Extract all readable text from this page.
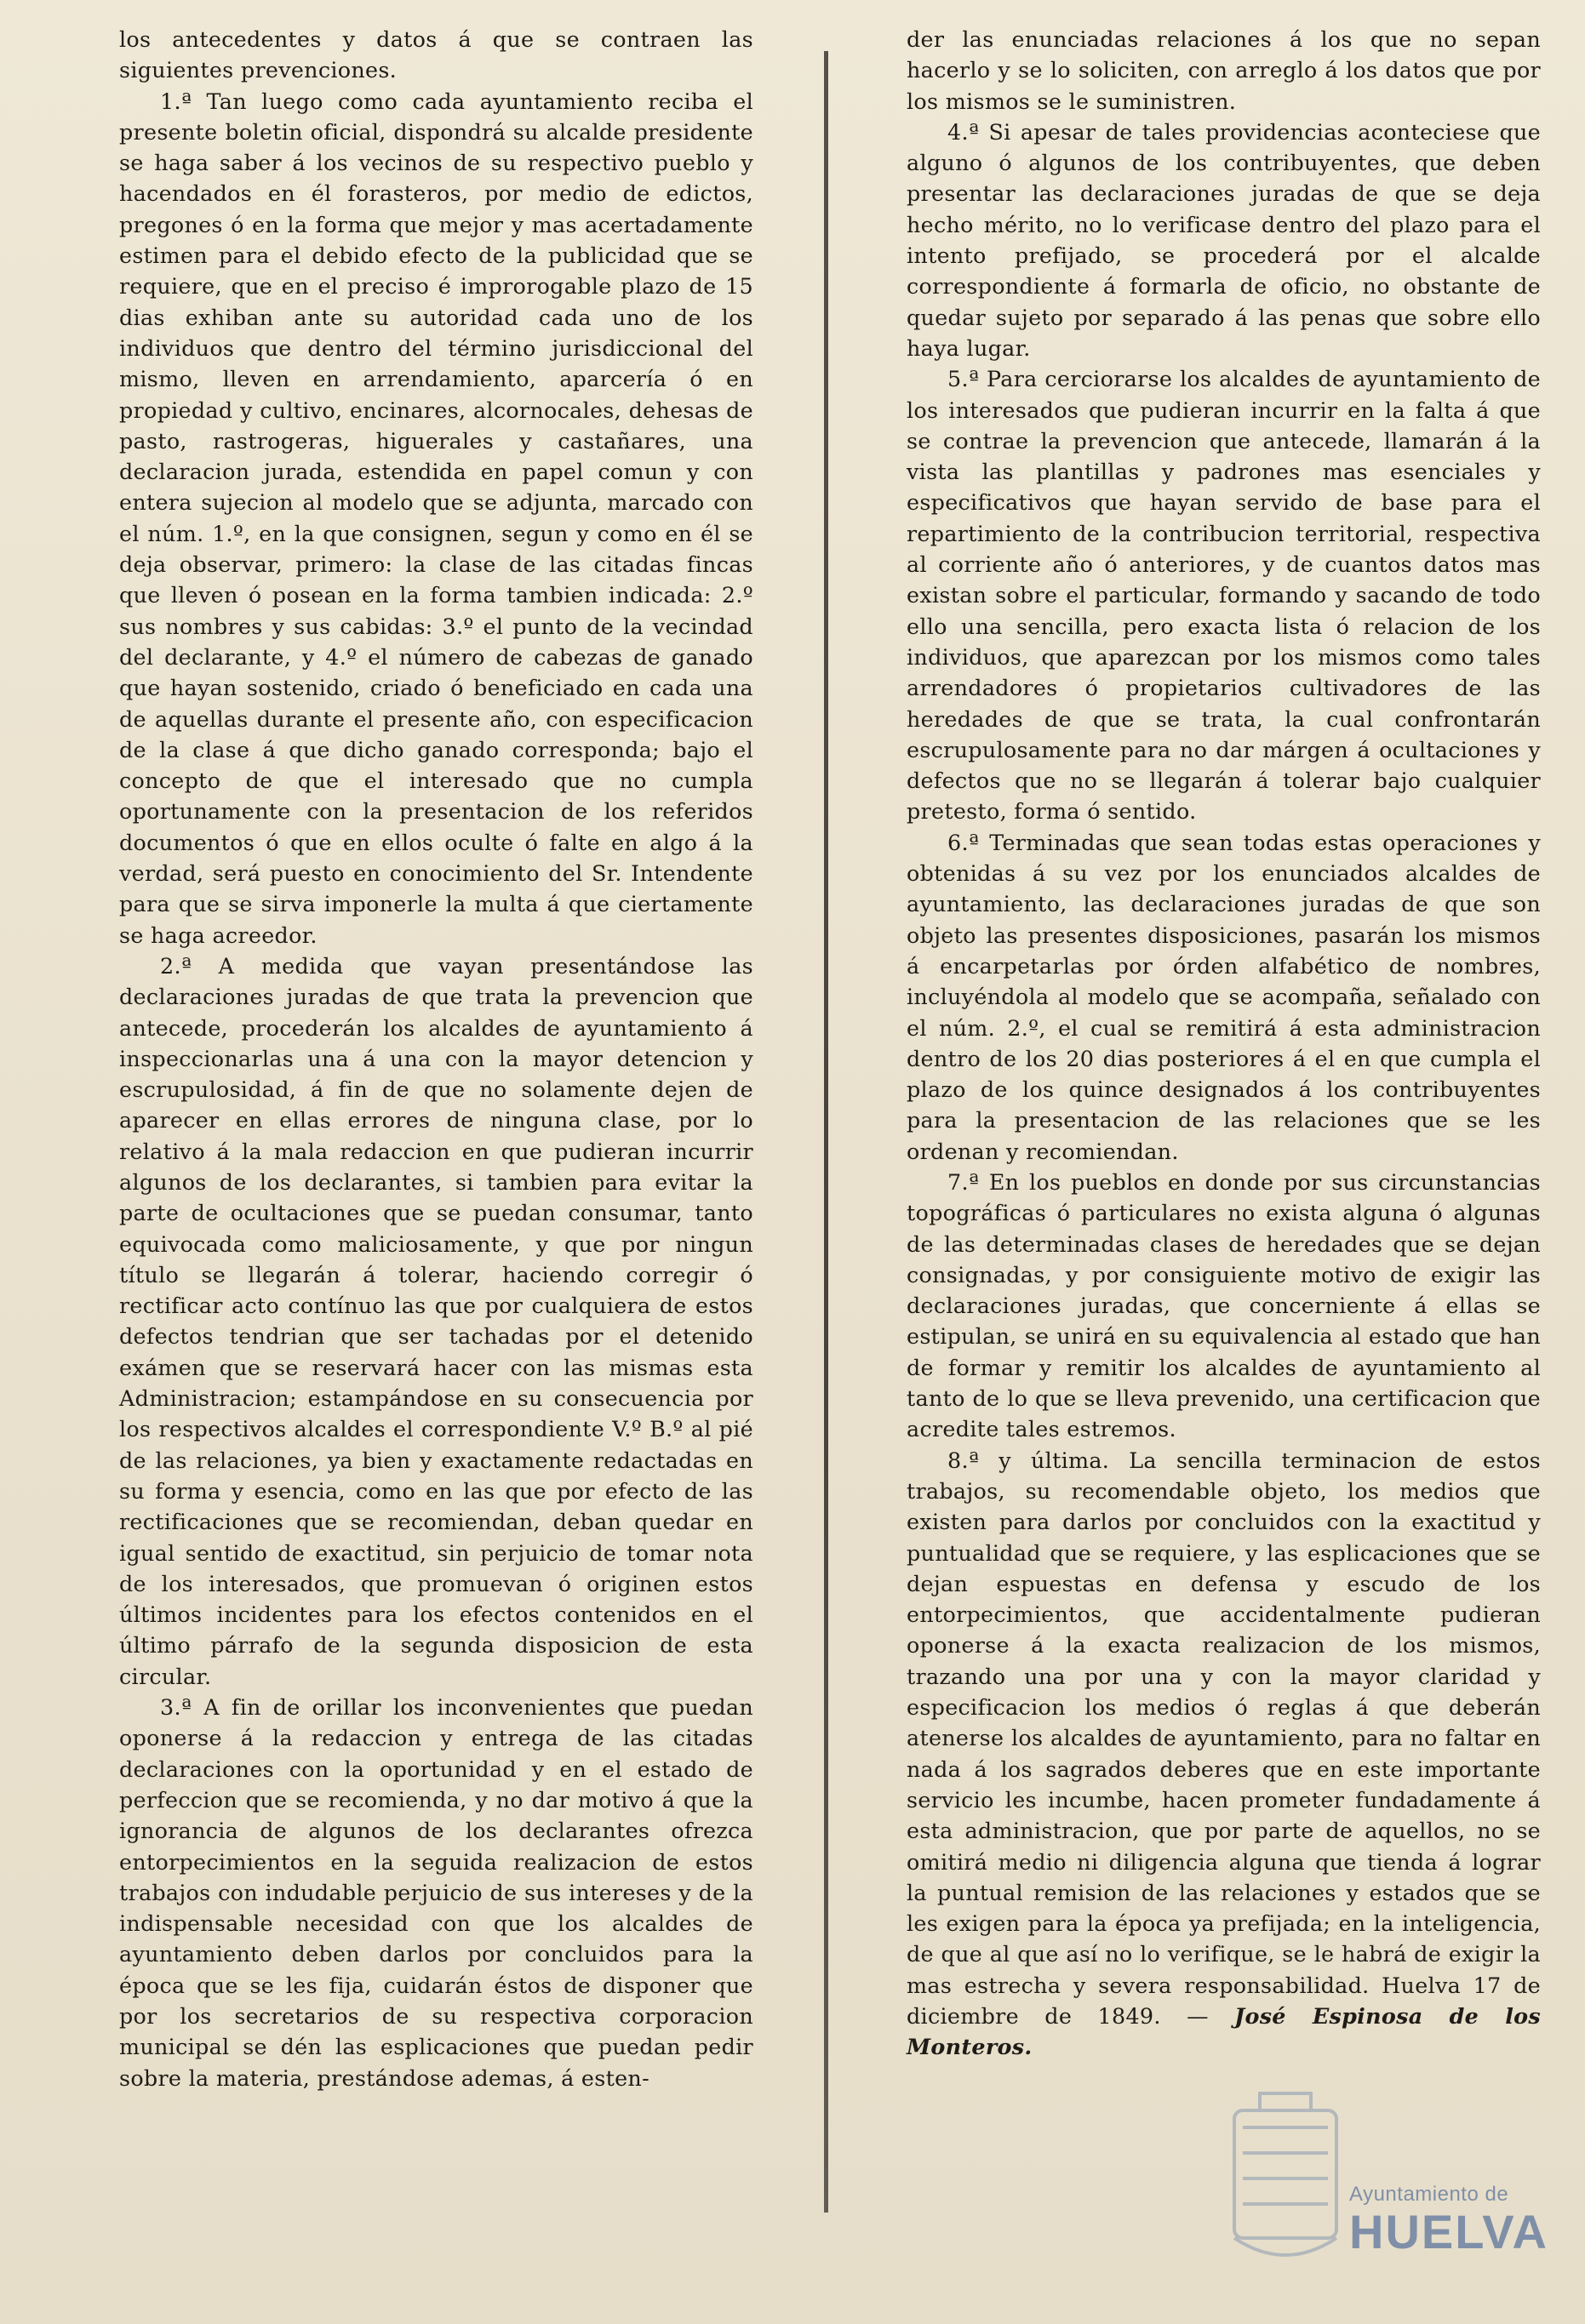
los antecedentes y datos á que se contraen las siguientes prevenciones.

1.ª Tan luego como cada ayuntamiento reciba el presente boletin oficial, dispondrá su alcalde presidente se haga saber á los vecinos de su respectivo pueblo y hacendados en él forasteros, por medio de edictos, pregones ó en la forma que mejor y mas acertadamente estimen para el debido efecto de la publicidad que se requiere, que en el preciso é improrogable plazo de 15 dias exhiban ante su autoridad cada uno de los individuos que dentro del término jurisdiccional del mismo, lleven en arrendamiento, aparcería ó en propiedad y cultivo, encinares, alcornocales, dehesas de pasto, rastrogeras, higuerales y castañares, una declaracion jurada, estendida en papel comun y con entera sujecion al modelo que se adjunta, marcado con el núm. 1.º, en la que consignen, segun y como en él se deja observar, primero: la clase de las citadas fincas que lleven ó posean en la forma tambien indicada: 2.º sus nombres y sus cabidas: 3.º el punto de la vecindad del declarante, y 4.º el número de cabezas de ganado que hayan sostenido, criado ó beneficiado en cada una de aquellas durante el presente año, con especificacion de la clase á que dicho ganado corresponda; bajo el concepto de que el interesado que no cumpla oportunamente con la presentacion de los referidos documentos ó que en ellos oculte ó falte en algo á la verdad, será puesto en conocimiento del Sr. Intendente para que se sirva imponerle la multa á que ciertamente se haga acreedor.

2.ª A medida que vayan presentándose las declaraciones juradas de que trata la prevencion que antecede, procederán los alcaldes de ayuntamiento á inspeccionarlas una á una con la mayor detencion y escrupulosidad, á fin de que no solamente dejen de aparecer en ellas errores de ninguna clase, por lo relativo á la mala redaccion en que pudieran incurrir algunos de los declarantes, si tambien para evitar la parte de ocultaciones que se puedan consumar, tanto equivocada como maliciosamente, y que por ningun título se llegarán á tolerar, haciendo corregir ó rectificar acto contínuo las que por cualquiera de estos defectos tendrian que ser tachadas por el detenido exámen que se reservará hacer con las mismas esta Administracion; estampándose en su consecuencia por los respectivos alcaldes el correspondiente V.º B.º al pié de las relaciones, ya bien y exactamente redactadas en su forma y esencia, como en las que por efecto de las rectificaciones que se recomiendan, deban quedar en igual sentido de exactitud, sin perjuicio de tomar nota de los interesados, que promuevan ó originen estos últimos incidentes para los efectos contenidos en el último párrafo de la segunda disposicion de esta circular.

3.ª A fin de orillar los inconvenientes que puedan oponerse á la redaccion y entrega de las citadas declaraciones con la oportunidad y en el estado de perfeccion que se recomienda, y no dar motivo á que la ignorancia de algunos de los declarantes ofrezca entorpecimientos en la seguida realizacion de estos trabajos con indudable perjuicio de sus intereses y de la indispensable necesidad con que los alcaldes de ayuntamiento deben darlos por concluidos para la época que se les fija, cuidarán éstos de disponer que por los secretarios de su respectiva corporacion municipal se dén las esplicaciones que puedan pedir sobre la materia, prestándose ademas, á esten-

der las enunciadas relaciones á los que no sepan hacerlo y se lo soliciten, con arreglo á los datos que por los mismos se le suministren.

4.ª Si apesar de tales providencias aconteciese que alguno ó algunos de los contribuyentes, que deben presentar las declaraciones juradas de que se deja hecho mérito, no lo verificase dentro del plazo para el intento prefijado, se procederá por el alcalde correspondiente á formarla de oficio, no obstante de quedar sujeto por separado á las penas que sobre ello haya lugar.

5.ª Para cerciorarse los alcaldes de ayuntamiento de los interesados que pudieran incurrir en la falta á que se contrae la prevencion que antecede, llamarán á la vista las plantillas y padrones mas esenciales y especificativos que hayan servido de base para el repartimiento de la contribucion territorial, respectiva al corriente año ó anteriores, y de cuantos datos mas existan sobre el particular, formando y sacando de todo ello una sencilla, pero exacta lista ó relacion de los individuos, que aparezcan por los mismos como tales arrendadores ó propietarios cultivadores de las heredades de que se trata, la cual confrontarán escrupulosamente para no dar márgen á ocultaciones y defectos que no se llegarán á tolerar bajo cualquier pretesto, forma ó sentido.

6.ª Terminadas que sean todas estas operaciones y obtenidas á su vez por los enunciados alcaldes de ayuntamiento, las declaraciones juradas de que son objeto las presentes disposiciones, pasarán los mismos á encarpetarlas por órden alfabético de nombres, incluyéndola al modelo que se acompaña, señalado con el núm. 2.º, el cual se remitirá á esta administracion dentro de los 20 dias posteriores á el en que cumpla el plazo de los quince designados á los contribuyentes para la presentacion de las relaciones que se les ordenan y recomiendan.

7.ª En los pueblos en donde por sus circunstancias topográficas ó particulares no exista alguna ó algunas de las determinadas clases de heredades que se dejan consignadas, y por consiguiente motivo de exigir las declaraciones juradas, que concerniente á ellas se estipulan, se unirá en su equivalencia al estado que han de formar y remitir los alcaldes de ayuntamiento al tanto de lo que se lleva prevenido, una certificacion que acredite tales estremos.

8.ª y última. La sencilla terminacion de estos trabajos, su recomendable objeto, los medios que existen para darlos por concluidos con la exactitud y puntualidad que se requiere, y las esplicaciones que se dejan espuestas en defensa y escudo de los entorpecimientos, que accidentalmente pudieran oponerse á la exacta realizacion de los mismos, trazando una por una y con la mayor claridad y especificacion los medios ó reglas á que deberán atenerse los alcaldes de ayuntamiento, para no faltar en nada á los sagrados deberes que en este importante servicio les incumbe, hacen prometer fundadamente á esta administracion, que por parte de aquellos, no se omitirá medio ni diligencia alguna que tienda á lograr la puntual remision de las relaciones y estados que se les exigen para la época ya prefijada; en la inteligencia, de que al que así no lo verifique, se le habrá de exigir la mas estrecha y severa responsabilidad. Huelva 17 de diciembre de 1849. — José Espinosa de los Monteros.

Ayuntamiento de
HUELVA
